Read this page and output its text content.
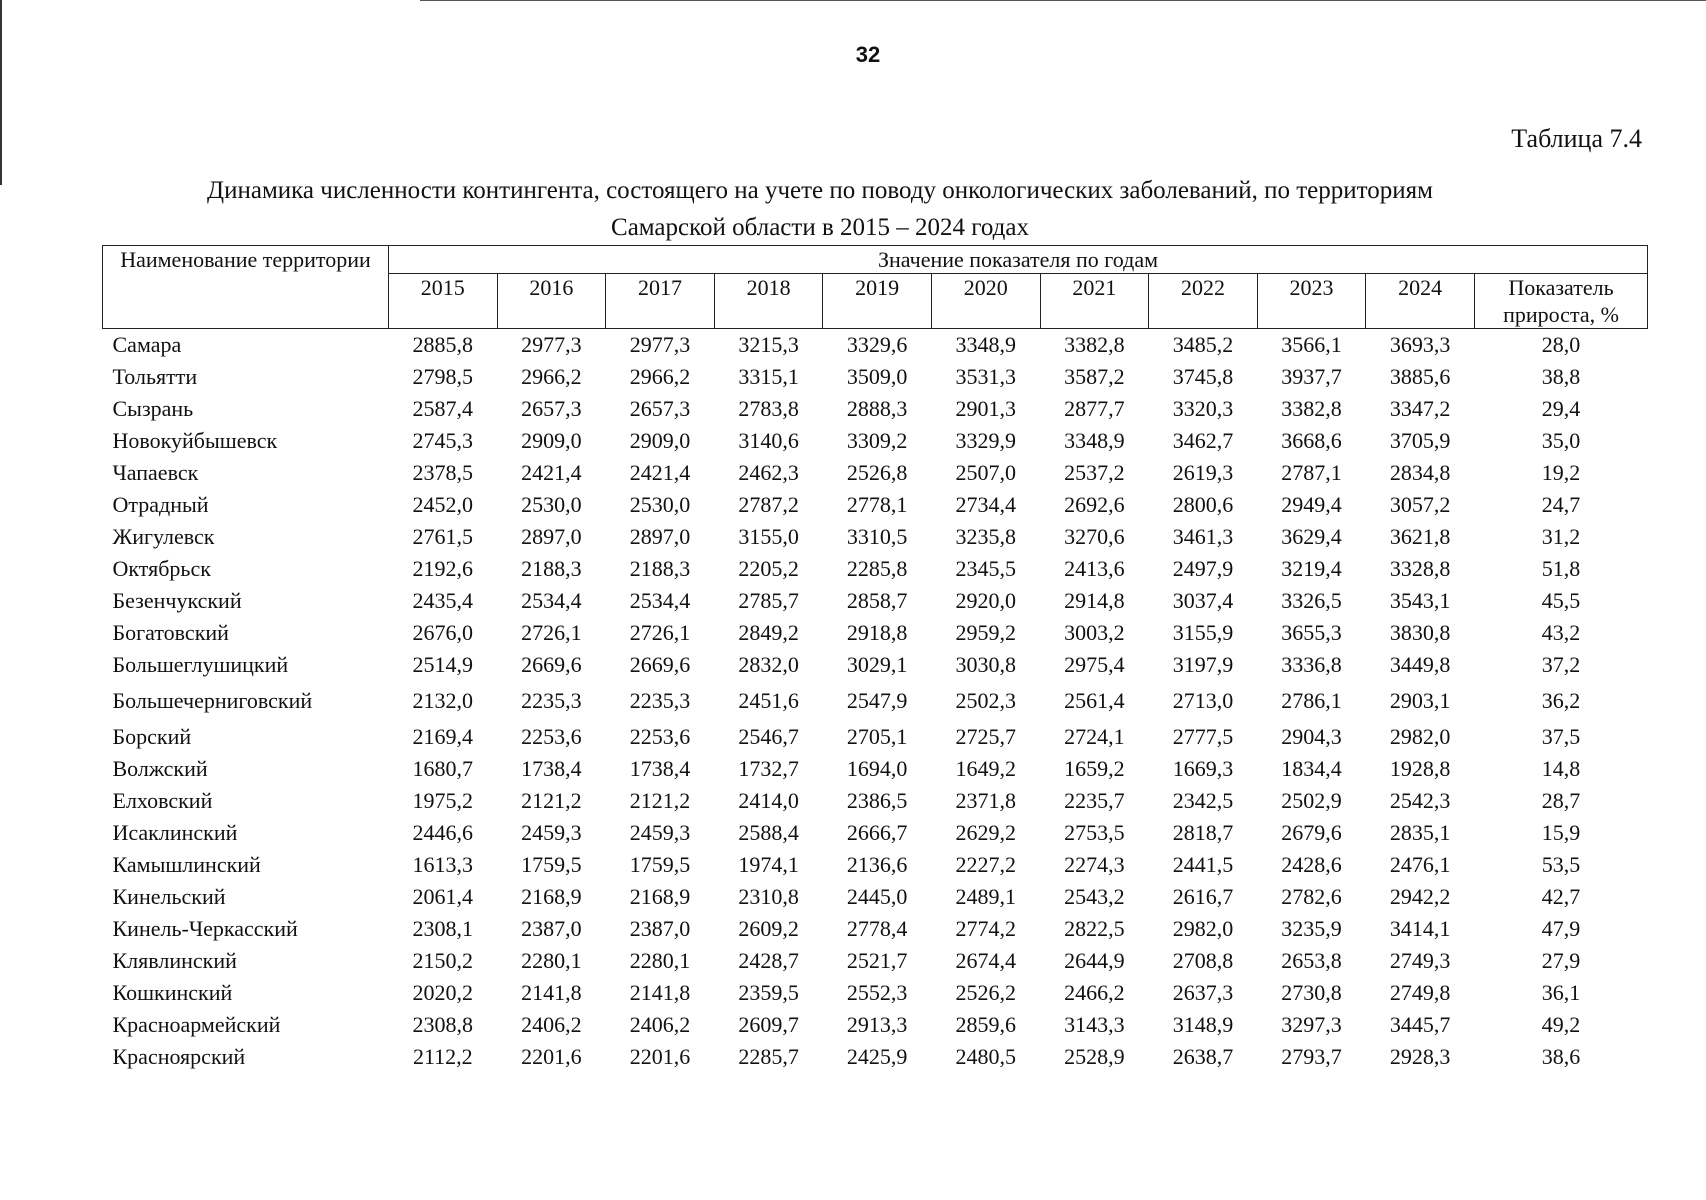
32
Таблица 7.4
Динамика численности контингента, состоящего на учете по поводу онкологических заболеваний, по территориям Самарской области в 2015 – 2024 годах
Наименование территории	Значение показателя по годам										
	2015	2016	2017	2018	2019	2020	2021	2022	2023	2024	Показатель прироста, %
Самара	2885,8	2977,3	2977,3	3215,3	3329,6	3348,9	3382,8	3485,2	3566,1	3693,3	28,0
Тольятти	2798,5	2966,2	2966,2	3315,1	3509,0	3531,3	3587,2	3745,8	3937,7	3885,6	38,8
Сызрань	2587,4	2657,3	2657,3	2783,8	2888,3	2901,3	2877,7	3320,3	3382,8	3347,2	29,4
Новокуйбышевск	2745,3	2909,0	2909,0	3140,6	3309,2	3329,9	3348,9	3462,7	3668,6	3705,9	35,0
Чапаевск	2378,5	2421,4	2421,4	2462,3	2526,8	2507,0	2537,2	2619,3	2787,1	2834,8	19,2
Отрадный	2452,0	2530,0	2530,0	2787,2	2778,1	2734,4	2692,6	2800,6	2949,4	3057,2	24,7
Жигулевск	2761,5	2897,0	2897,0	3155,0	3310,5	3235,8	3270,6	3461,3	3629,4	3621,8	31,2
Октябрьск	2192,6	2188,3	2188,3	2205,2	2285,8	2345,5	2413,6	2497,9	3219,4	3328,8	51,8
Безенчукский	2435,4	2534,4	2534,4	2785,7	2858,7	2920,0	2914,8	3037,4	3326,5	3543,1	45,5
Богатовский	2676,0	2726,1	2726,1	2849,2	2918,8	2959,2	3003,2	3155,9	3655,3	3830,8	43,2
Большеглушицкий	2514,9	2669,6	2669,6	2832,0	3029,1	3030,8	2975,4	3197,9	3336,8	3449,8	37,2
Большечерниговский	2132,0	2235,3	2235,3	2451,6	2547,9	2502,3	2561,4	2713,0	2786,1	2903,1	36,2
Борский	2169,4	2253,6	2253,6	2546,7	2705,1	2725,7	2724,1	2777,5	2904,3	2982,0	37,5
Волжский	1680,7	1738,4	1738,4	1732,7	1694,0	1649,2	1659,2	1669,3	1834,4	1928,8	14,8
Елховский	1975,2	2121,2	2121,2	2414,0	2386,5	2371,8	2235,7	2342,5	2502,9	2542,3	28,7
Исаклинский	2446,6	2459,3	2459,3	2588,4	2666,7	2629,2	2753,5	2818,7	2679,6	2835,1	15,9
Камышлинский	1613,3	1759,5	1759,5	1974,1	2136,6	2227,2	2274,3	2441,5	2428,6	2476,1	53,5
Кинельский	2061,4	2168,9	2168,9	2310,8	2445,0	2489,1	2543,2	2616,7	2782,6	2942,2	42,7
Кинель-Черкасский	2308,1	2387,0	2387,0	2609,2	2778,4	2774,2	2822,5	2982,0	3235,9	3414,1	47,9
Клявлинский	2150,2	2280,1	2280,1	2428,7	2521,7	2674,4	2644,9	2708,8	2653,8	2749,3	27,9
Кошкинский	2020,2	2141,8	2141,8	2359,5	2552,3	2526,2	2466,2	2637,3	2730,8	2749,8	36,1
Красноармейский	2308,8	2406,2	2406,2	2609,7	2913,3	2859,6	3143,3	3148,9	3297,3	3445,7	49,2
Красноярский	2112,2	2201,6	2201,6	2285,7	2425,9	2480,5	2528,9	2638,7	2793,7	2928,3	38,6
